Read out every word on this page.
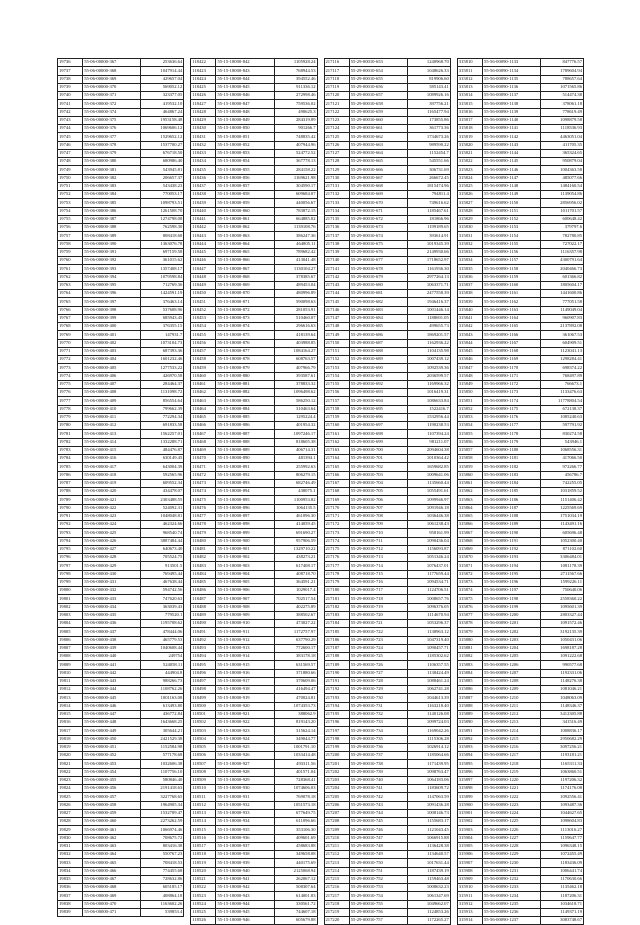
19736	55-06-00000-367	253636.64
19737	55-06-00000-368	1047914.44
19738	55-06-00000-369	429657.04
19739	55-06-00000-370	569052.12
19740	55-06-00000-371	323377.05
19741	55-06-00000-372	419532.10
19742	55-06-00000-374	464867.24
19743	55-06-00000-375	1953158.48
19744	55-06-00000-376	1069606.12
19745	55-06-00000-377	1529652.12
19746	55-06-00000-378	1537700.27
19747	55-06-00000-379	676718.50
19748	55-06-00000-380	680986.40
19749	55-06-00000-381	543945.81
19750	55-06-00000-382	206657.37
19751	55-06-00000-383	543438.23
19752	55-06-00000-384	770053.17
19753	55-06-00000-385	1098793.51
19754	55-06-00000-386	1261508.70
19755	55-06-00000-387	1274798.08
19756	55-06-00000-388	762598.30
19757	55-06-00000-389	808418.68
19758	55-06-00000-390	1363076.78
19759	55-06-00000-391	697159.58
19760	55-06-00000-392	361015.62
19761	55-06-00000-393	1357408.17
19762	55-06-00000-394	1079598.84
19763	55-06-00000-395	712769.36
19764	55-06-00000-396	1424591.19
19765	55-06-00000-397	376463.14
19766	55-06-00000-398	537608.96
19767	55-06-00000-399	685943.45
19768	55-06-00000-400	376355.15
19769	55-06-00000-401	147931.7
19770	55-06-00000-402	1073104.73
19771	55-06-00000-403	687393.36
19772	55-06-00000-404	1601232.46
19773	55-06-00000-405	1277533.22
19774	55-06-00000-406	426970.58
19775	55-06-00000-407	284464.37
19776	55-06-00000-408	1131098.72
19777	55-06-00000-409	856554.64
19778	55-06-00000-410	799662.39
19779	55-06-00000-411	772294.34
19780	55-06-00000-412	691833.58
19781	55-06-00000-413	1562257.01
19782	55-06-00000-414	1332288.71
19783	55-06-00000-415	484476.87
19784	55-06-00000-416	630149.45
19785	55-06-00000-417	643004.39
19786	55-06-00000-418	592565.96
19787	55-06-00000-419	609552.34
19788	55-06-00000-420	434478.07
19789	55-06-00000-421	2303488.55
19790	55-06-00000-422	524092.31
19791	55-06-00000-423	1048048.81
19792	55-06-00000-424	462324.66
19793	55-06-00000-425	968540.74
19794	55-06-00000-426	3887484.44
19795	55-06-00000-427	640673.40
19796	55-06-00000-428	705524.75
19797	55-06-00000-429	913501.5
19798	55-06-00000-430	769495.44
19799	55-06-00000-431	467638.44
19800	55-06-00000-432	594742.56
19801	55-06-00000-433	747620.63
19802	55-06-00000-434	363039.43
19803	55-06-00000-435	779520.1
19804	55-06-00000-436	1195708.62
19805	55-06-00000-437	478444.06
19806	55-06-00000-438	465779.53
19807	55-06-00000-439	1040608.44
19808	55-06-00000-440	249754
19809	55-06-00000-441	524058.11
19810	55-06-00000-442	444904.8
19811	55-06-00000-443	988266.73
19812	55-06-00000-444	1108762.26
19813	55-06-00000-445	1001163.08
19814	55-06-00000-446	613493.80
19815	55-06-00000-447	436772.84
19816	55-06-00000-448	1643668.25
19817	55-06-00000-449	305644.21
19818	55-06-00000-450	2421529.38
19819	55-06-00000-451	1152584.98
19820	55-06-00000-452	577178.68
19821	55-06-00000-453	1032606.38
19822	55-06-00000-454	1107756.10
19823	55-06-00000-455	580846.40
19824	55-06-00000-456	2191418.63
19825	55-06-00000-457	3227768.65
19826	55-06-00000-458	1964905.34
19827	55-06-00000-459	1532709.47
19828	55-06-00000-460	2273262.59
19829	55-06-00000-461	1066974.46
19830	55-06-00000-462	708675.72
19831	55-06-00000-463	803416.38
19832	55-06-00000-464	550767.23
19833	55-06-00000-465	708418.53
19834	55-06-00000-466	774455.68
19835	55-06-00000-467	728632.86
19836	55-06-00000-468	605185.17
19837	55-06-00000-469	408864.18
19838	55-06-00000-470	1163602.26
19839	55-06-00000-471	539853.4
118422	55-15-18000-842	1105928.24
118423	55-15-18000-843	768944.53
118424	55-15-18000-844	394552.46
118425	55-15-18000-845	911336.12
118426	55-15-18000-846	272998.46
118427	55-15-18000-847	759536.02
118428	55-15-18000-848	490625.3
118429	55-15-18000-849	284319.89
118430	55-15-18000-850	901266.7
118431	55-15-18000-851	748835.42
118432	55-15-18000-852	407944.96
118433	55-15-18000-853	524772.52
118434	55-15-18000-854	367778.13
118435	55-15-18000-855	284158.22
118436	55-15-18000-856	1169621.98
118437	55-15-18000-857	304590.17
118438	55-15-18000-858	609684.07
118439	55-15-18000-859	440056.67
118440	55-15-18000-860	783872.15
118441	55-15-18000-861	664885.02
118442	55-15-18000-862	1139108.76
118443	55-15-18000-863	386247.36
118444	55-15-18000-864	464805.11
118445	55-15-18000-865	789682.42
118446	55-15-18000-866	413041.48
118447	55-15-18000-867	1130104.27
118448	55-15-18000-868	378385.67
118449	55-15-18000-869	489453.04
118450	55-15-18000-870	480996.89
118451	55-15-18000-871	590098.63
118452	55-15-18000-872	281053.91
118453	55-15-18000-873	510460.07
118454	55-15-18000-874	296616.63
118455	55-15-18000-875	418139.64
118456	55-15-18000-876	403988.85
118457	55-15-18000-877	1084164.27
118458	55-15-18000-878	608763.57
118459	55-15-18000-879	407966.79
118460	55-15-18000-880	393587.61
118461	55-15-18000-881	378833.32
118462	55-15-18000-882	1096498.62
118463	55-15-18000-883	586250.12
118464	55-15-18000-884	310463.64
118465	55-15-18000-885	1295224.4
118466	55-15-18000-886	401954.32
118467	55-15-18000-887	1097246.17
118468	55-15-18000-888	818605.38
118469	55-15-18000-889	406714.31
118470	55-15-18000-890	481394.1
118471	55-15-18000-891	255992.63
118472	55-15-18000-892	806279.15
118473	55-15-18000-893	682746.49
118474	55-15-18000-894	438075.1
118475	55-15-18000-895	1100953.82
118476	55-15-18000-896	1064135.5
118477	55-15-18000-897	461096.30
118478	55-15-18000-898	414059.45
118479	55-15-18000-899	691690.27
118480	55-15-18000-900	957906.59
118481	55-15-18000-901	1329710.22
118482	55-15-18000-902	438273.21
118483	55-15-18000-903	617408.17
118484	55-15-18000-904	408718.70
118485	55-15-18000-905	364591.21
118486	55-15-18000-906	1029017.4
118487	55-15-18000-907	702517.54
118488	55-15-18000-908	402275.89
118489	55-15-18000-909	388502.67
118490	55-15-18000-910	473027.22
118491	55-15-18000-911	1172757.97
118492	55-15-18000-912	637790.29
118493	55-15-18000-913	772600.17
118494	55-15-18000-914	383178.18
118495	55-15-18000-915	631569.57
118496	55-15-18000-916	371880.66
118497	55-15-18000-917	370609.06
118498	55-15-18000-918	416494.47
118499	55-15-18000-919	470024.81
118500	55-15-18000-920	1074353.73
118501	55-15-18000-921	388062.9
118502	55-15-18000-922	819143.20
118503	55-15-18000-923	315624.14
118504	55-15-18000-924	349044.77
118505	55-15-18000-925	1001791.10
118506	55-15-18000-926	1033414.48
118507	55-15-18000-927	493311.56
118508	55-15-18000-928	401571.04
118509	55-15-18000-929	728368.41
118510	55-15-18000-930	1074606.03
118511	55-15-18000-931	769078.18
118512	55-15-18000-932	1051573.18
118513	55-15-18000-933	677649.75
118514	55-15-18000-934	611096.66
118515	55-15-18000-935	353106.30
118516	55-15-18000-936	409601.69
118517	55-15-18000-937	458683.88
118518	55-15-18000-938	349658.08
118519	55-15-18000-939	440175.69
118520	55-15-18000-940	2125068.94
118521	55-15-18000-941	262067.12
118522	55-15-18000-942	508307.64
118523	55-15-18000-943	614001.83
118524	55-15-18000-944	330561.72
118525	55-15-18000-945	744607.18
118526	55-15-18000-946	605679.88
217116	55-29-00010-653	1240968.70
217117	55-29-00010-654	1048626.33
217118	55-29-00010-655	819906.60
217119	55-29-00010-656	585143.41
217120	55-29-00010-657	1089926.16
217121	55-29-00010-658	397756.21
217122	55-29-00010-659	1165477.94
217123	55-29-00010-660	173855.86
217124	55-29-00010-661	361773.36
217125	55-29-00010-662	1734673.26
217126	55-29-00010-663	989590.22
217127	55-29-00010-664	1152454.7
217128	55-29-00010-665	545551.66
217129	55-29-00010-666	306731.69
217130	55-29-00010-667	266672.45
217131	55-29-00010-668	1815474.96
217132	55-29-00010-669	794811.4
217133	55-29-00010-670	749616.62
217134	55-29-00010-671	1185467.61
217135	55-29-00010-672	181866.96
217136	55-29-00010-673	1199189.65
217137	55-29-00010-674	393614.91
217138	55-29-00010-675	1019345.39
217139	55-29-00010-676	2149930.66
217140	55-29-00010-677	1718652.97
217141	55-29-00010-678	1161936.30
217142	55-29-00010-679	2977264.13
217143	55-29-00010-680	1063371.71
217144	55-29-00010-681	2477558.39
217145	55-29-00010-682	1946416.37
217146	55-29-00010-683	1001446.14
217147	55-29-00010-684	1188691.05
217148	55-29-00010-685	499655.73
217149	55-29-00010-686	1869201.57
217150	55-29-00010-687	1162936.22
217151	55-29-00010-688	1104135.98
217152	55-29-00010-689	1007439.12
217153	55-29-00010-690	1092539.36
217154	55-29-00010-691	2036599.57
217155	55-29-00010-692	1169966.32
217156	55-29-00010-693	1016419.31
217157	55-29-00010-694	1086633.84
217158	55-29-00010-695	1522416.7
217159	55-29-00010-696	1532956.44
217160	55-29-00010-697	1190238.53
217161	55-29-00010-698	1107394.24
217162	55-29-00010-699	981211.07
217163	55-29-00010-700	2094604.38
217164	55-29-00010-701	1010364.42
217165	55-29-00010-702	1659682.85
217166	55-29-00010-703	1009641.06
217167	55-29-00010-704	1135660.44
217168	55-29-00010-705	1055491.61
217169	55-29-00010-706	1099946.97
217170	55-29-00010-707	1091946.18
217171	55-29-00010-708	1036446.38
217172	55-29-00010-709	1061238.43
217173	55-29-00010-710	958161.99
217174	55-29-00010-711	1090436.04
217175	55-29-00010-712	1156093.87
217176	55-29-00010-713	1051346.24
217177	55-29-00010-714	1076437.01
217178	55-29-00010-715	1177659.44
217179	55-29-00010-716	1094534.71
217180	55-29-00010-717	1124706.51
217181	55-29-00010-718	1008657.76
217182	55-29-00010-719	1096376.05
217183	55-29-00010-720	1114670.94
217184	55-29-00010-721	1053296.37
217185	55-29-00010-722	1138963.12
217186	55-29-00010-723	1047319.40
217187	55-29-00010-724	1090457.71
217188	55-29-00010-725	1185302.62
217189	55-29-00010-726	1106357.55
217190	55-29-00010-727	1138424.49
217191	55-29-00010-728	1088461.24
217192	55-29-00010-729	1062741.28
217193	55-29-00010-730	1044613.39
217194	55-29-00010-731	1163218.40
217195	55-29-00010-732	1140126.08
217196	55-29-00010-733	1099724.03
217197	55-29-00010-734	1169042.26
217198	55-29-00010-735	1115306.28
217199	55-29-00010-736	1026914.12
217200	55-29-00010-737	1185064.66
217201	55-29-00010-738	1171439.95
217202	55-29-00010-739	1098763.47
217203	55-29-00010-740	1064183.06
217204	55-29-00010-741	1183609.72
217205	55-29-00010-742	1147063.59
217206	55-29-00010-743	1091436.28
217207	55-29-00010-744	1008146.73
217208	55-29-00010-745	1155683.17
217209	55-29-00010-746	1121043.45
217210	55-29-00010-747	1066915.88
217211	55-29-00010-748	1136428.38
217212	55-29-00010-749	1134640.57
217213	55-29-00010-750	1017631.44
217214	55-29-00010-751	1187439.19
217215	55-29-00010-752	1159463.48
217216	55-29-00010-753	1008632.23
217217	55-29-00010-754	1061347.69
217218	55-29-00010-755	1049662.07
217219	55-29-00010-756	1124853.26
217220	55-29-00010-757	1172265.27
315810	55-56-00090-1133	847776.57
315811	55-56-00090-1134	1789604.94
315812	55-56-00090-1135	788657.64
315813	55-56-00090-1136	1071565.86
315814	55-56-00090-1137	514474.38
315815	55-56-00090-1138	378061.18
315816	55-56-00090-1139	778619.49
315817	55-56-00090-1140	1098879.58
315818	55-56-00090-1141	1118536.93
315819	55-56-00090-1142	4463051.04
315820	55-56-00090-1143	411705.35
315821	55-56-00090-1144	365324.65
315822	55-56-00090-1145	950879.04
315823	55-56-00090-1146	1004363.58
315824	55-56-00090-1147	485077.66
315825	55-56-00090-1148	1484160.54
315826	55-56-00090-1149	1139054.86
315827	55-56-00090-1150	2856956.02
315828	55-56-00090-1151	1011701.57
315829	55-56-00090-1152	600648.42
315830	55-56-00090-1153	379797.6
315831	55-56-00090-1154	782780.85
315832	55-56-00090-1155	727022.17
315833	55-56-00090-1156	1116357.98
315834	55-56-00090-1157	4300791.64
315835	55-56-00090-1158	2040466.73
315836	55-56-00090-1159	601366.82
315837	55-56-00090-1160	1805604.17
315838	55-56-00090-1161	1441600.86
315839	55-56-00090-1162	777051.58
315840	55-56-00090-1163	1149049.04
315841	55-56-00090-1164	960907.83
315842	55-56-00090-1165	2137892.08
315843	55-56-00090-1166	361067.53
315844	55-56-00090-1167	604909.51
315845	55-56-00090-1168	1123041.13
315846	55-56-00090-1169	1298284.41
315847	55-56-00090-1170	698374.22
315848	55-56-00090-1171	768497.89
315849	55-56-00090-1172	766673.1
315850	55-56-00090-1173	1133476.63
315851	55-56-00090-1174	11778804.54
315852	55-56-00090-1175	672138.37
315853	55-56-00090-1176	1085240.63
315854	55-56-00090-1177	597791.92
315855	55-56-00090-1178	830274.58
315856	55-56-00090-1179	543946.1
315857	55-56-00090-1180	1068556.31
315858	55-56-00090-1181	417066.50
315859	55-56-00090-1182	972266.77
315860	55-56-00090-1183	456786.7
315861	55-56-00090-1184	742255.05
315862	55-56-00090-1185	1031859.52
315863	55-56-00090-1186	1151406.42
315864	55-56-00090-1187	1225569.69
315865	55-56-00090-1188	1751034.19
315866	55-56-00090-1189	1143491.16
315867	55-56-00090-1190	605696.48
315868	55-56-00090-1191	1052300.40
315869	55-56-00090-1192	871102.60
315870	55-56-00090-1193	3306484.01
315871	55-56-00090-1194	1081178.39
315872	55-56-00090-1195	2711567.66
315873	55-56-00090-1196	1599226.11
315874	55-56-00090-1197	750640.06
315875	55-56-00090-1198	2558360.22
315876	55-56-00090-1199	1095601.39
315877	55-56-00090-1200	2803327.44
315878	55-56-00090-1201	1091572.46
315879	55-56-00090-1202	3192135.39
315880	55-56-00090-1203	1050431.06
315881	55-56-00090-1204	1698187.28
315882	55-56-00090-1205	1091222.68
315883	55-56-00090-1206	990577.68
315884	55-56-00090-1207	1192331.06
315885	55-56-00090-1208	1148276.38
315886	55-56-00090-1209	1081046.21
315887	55-56-00090-1210	1048063.09
315888	55-56-00090-1211	1148346.37
315889	55-56-00090-1212	3412305.88
315890	55-56-00090-1213	341516.49
315891	55-56-00090-1214	1008836.17
315892	55-56-00090-1215	2950682.29
315893	55-56-00090-1216	3097256.21
315894	55-56-00090-1217	1193181.21
315895	55-56-00090-1218	1165311.33
315896	55-56-00090-1219	1063860.51
315897	55-56-00090-1220	1197206.32
315898	55-56-00090-1221	1174176.08
315899	55-56-00090-1222	1092556.41
315900	55-56-00090-1223	1093487.36
315901	55-56-00090-1224	1044627.65
315902	55-56-00090-1225	1098604.83
315903	55-56-00090-1226	1113016.27
315904	55-56-00090-1227	1159647.77
315905	55-56-00090-1228	1096348.15
315906	55-56-00090-1229	1072455.49
315907	55-56-00090-1230	1183436.09
315908	55-56-00090-1231	1006441.74
315909	55-56-00090-1232	1170630.66
315910	55-56-00090-1233	1135462.18
315911	55-56-00090-1234	1187206.31
315912	55-56-00090-1235	1034618.71
315913	55-56-00090-1236	1149371.19
315914	55-56-00090-1237	3083748.67
